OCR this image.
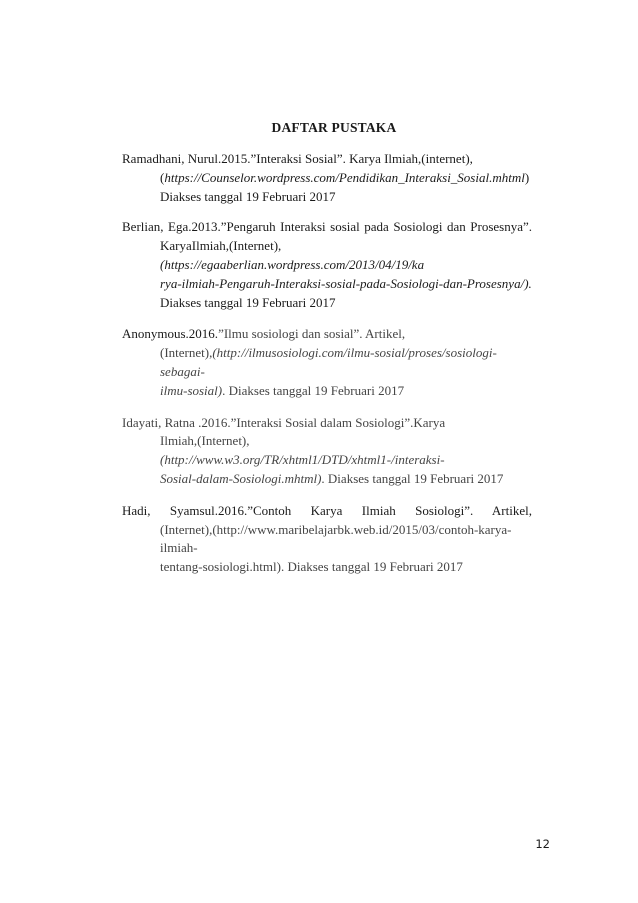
DAFTAR PUSTAKA

Ramadhani, Nurul.2015.”Interaksi Sosial”. Karya Ilmiah,(internet),

(https://Counselor.wordpress.com/Pendidikan_Interaksi_Sosial.mhtml)

Diakses tanggal 19 Februari 2017

Berlian, Ega.2013.”Pengaruh Interaksi sosial pada Sosiologi dan Prosesnya”.

KaryaIlmiah,(Internet),(https://egaaberlian.wordpress.com/2013/04/19/ka

rya-ilmiah-Pengaruh-Interaksi-sosial-pada-Sosiologi-dan-Prosesnya/).

Diakses tanggal 19 Februari 2017

Anonymous.2016.”Ilmu sosiologi dan sosial”. Artikel,

(Internet),(http://ilmusosiologi.com/ilmu-sosial/proses/sosiologi-sebagai-

ilmu-sosial). Diakses tanggal 19 Februari 2017

Idayati, Ratna .2016.”Interaksi Sosial dalam Sosiologi”.Karya

Ilmiah,(Internet),(http://www.w3.org/TR/xhtml1/DTD/xhtml1-/interaksi-

Sosial-dalam-Sosiologi.mhtml). Diakses tanggal 19 Februari 2017

Hadi, Syamsul.2016.”Contoh Karya Ilmiah Sosiologi”. Artikel,

(Internet),(http://www.maribelajarbk.web.id/2015/03/contoh-karya-ilmiah-

tentang-sosiologi.html). Diakses tanggal 19 Februari 2017

12
